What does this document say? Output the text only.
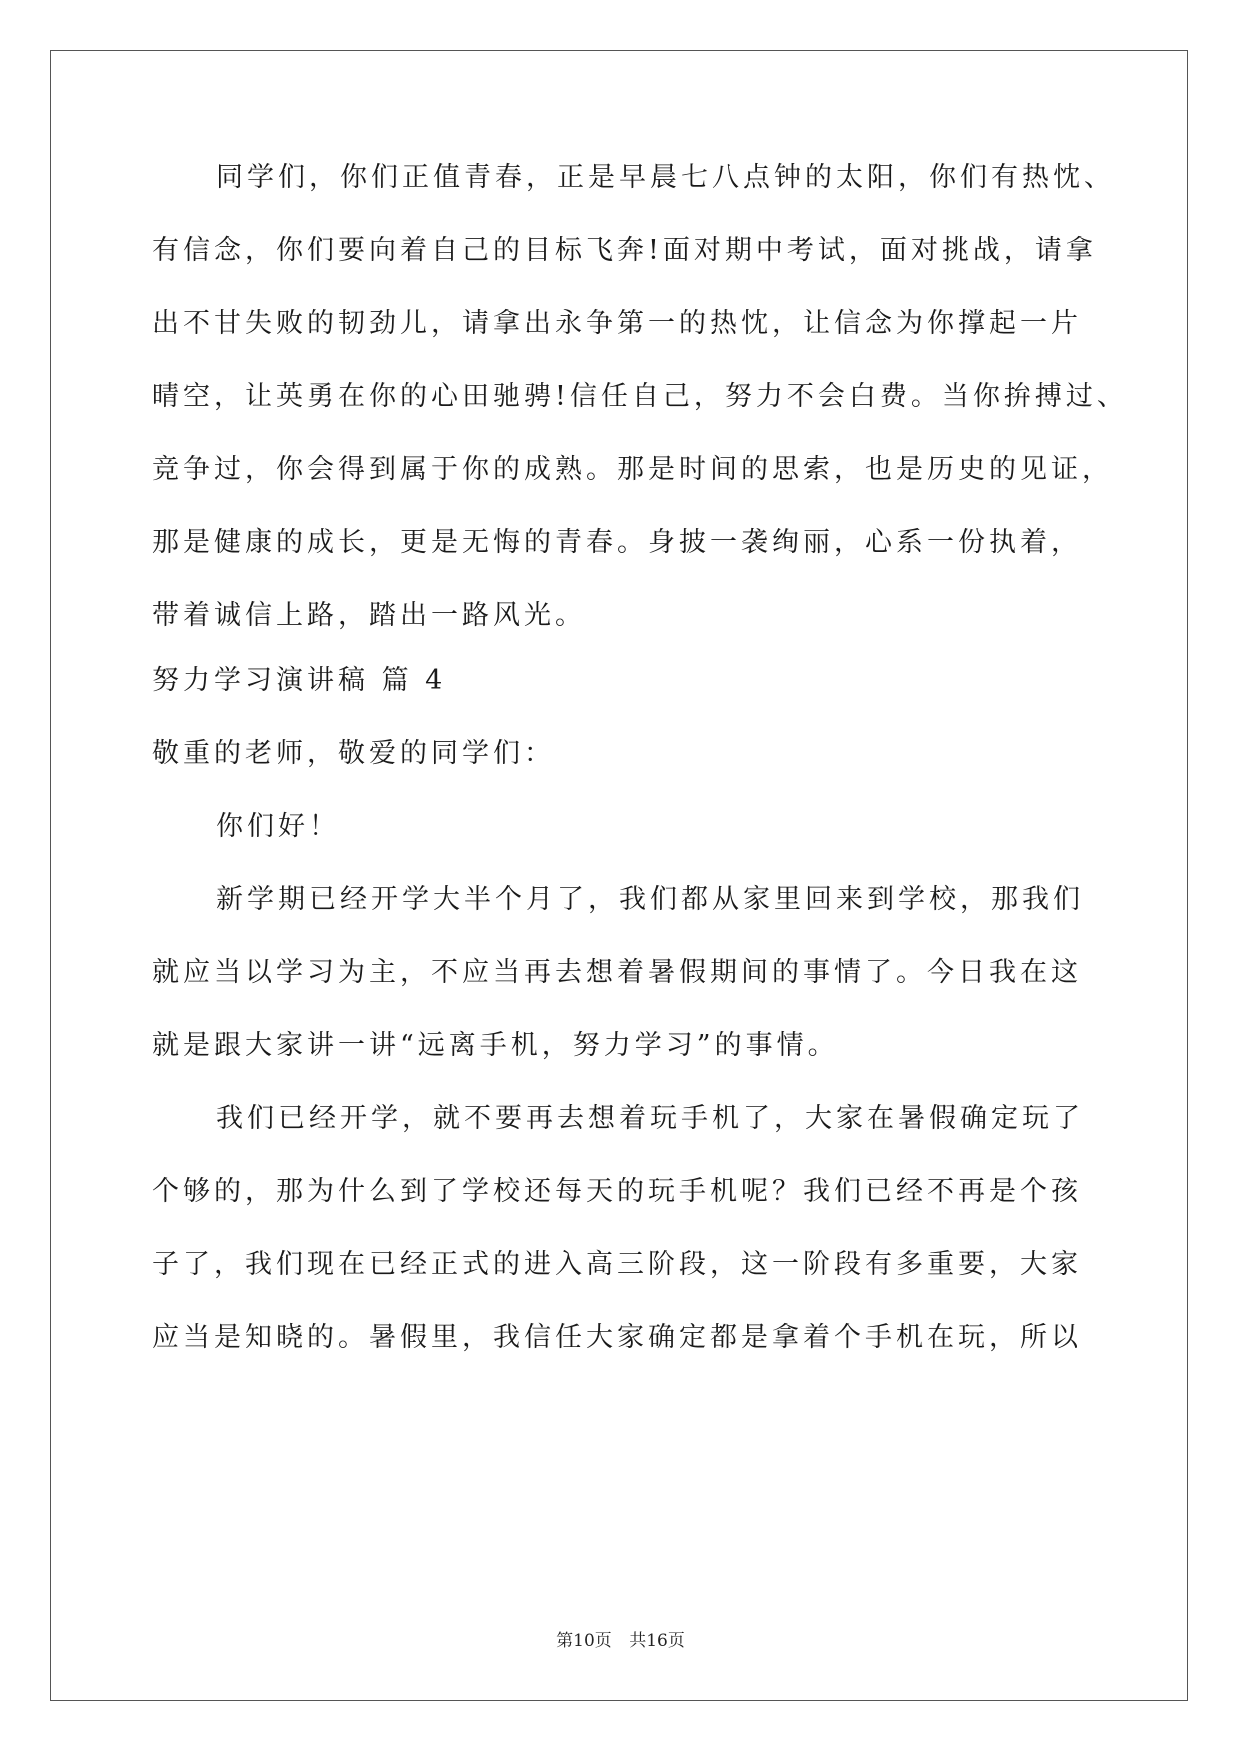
同学们，你们正值青春，正是早晨七八点钟的太阳，你们有热忱、
有信念，你们要向着自己的目标飞奔!面对期中考试，面对挑战，请拿
出不甘失败的韧劲儿，请拿出永争第一的热忱，让信念为你撑起一片
晴空，让英勇在你的心田驰骋!信任自己，努力不会白费。当你拚搏过、
竞争过，你会得到属于你的成熟。那是时间的思索，也是历史的见证，
那是健康的成长，更是无悔的青春。身披一袭绚丽，心系一份执着，
带着诚信上路，踏出一路风光。
努力学习演讲稿 篇 4
敬重的老师，敬爱的同学们：
你们好！
新学期已经开学大半个月了，我们都从家里回来到学校，那我们
就应当以学习为主，不应当再去想着暑假期间的事情了。今日我在这
就是跟大家讲一讲“远离手机，努力学习”的事情。
我们已经开学，就不要再去想着玩手机了，大家在暑假确定玩了
个够的，那为什么到了学校还每天的玩手机呢？我们已经不再是个孩
子了，我们现在已经正式的进入高三阶段，这一阶段有多重要，大家
应当是知晓的。暑假里，我信任大家确定都是拿着个手机在玩，所以
第10页 共16页
